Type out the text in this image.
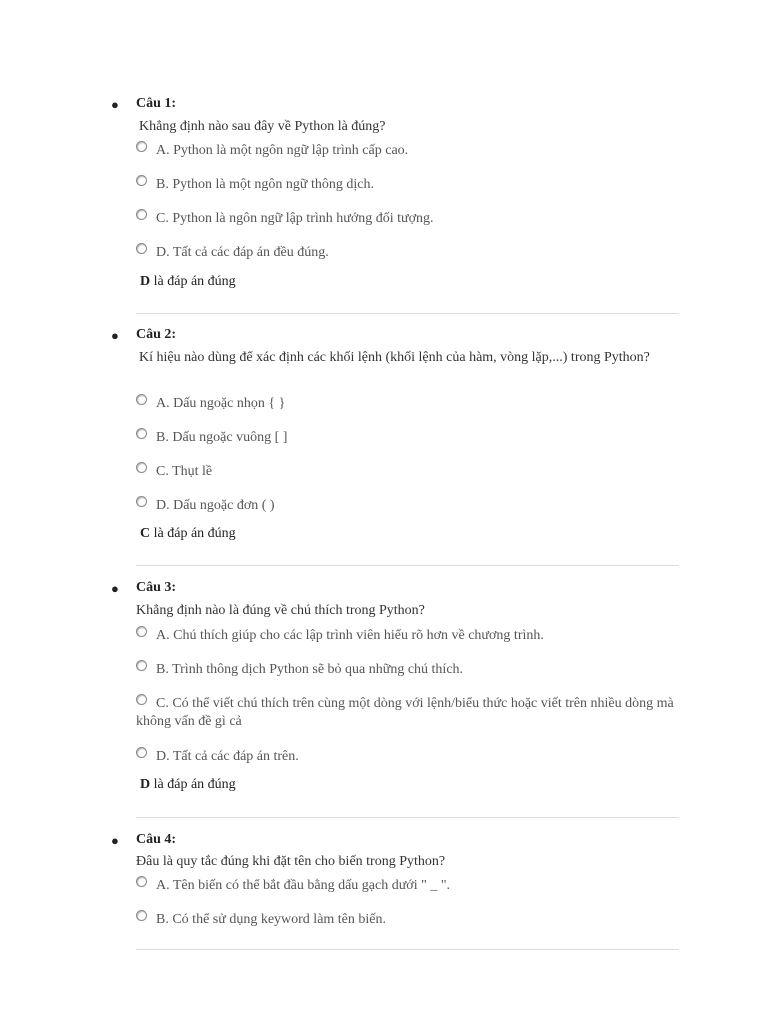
● Câu 1:
Khẳng định nào sau đây về Python là đúng?
A. Python là một ngôn ngữ lập trình cấp cao.
B. Python là một ngôn ngữ thông dịch.
C. Python là ngôn ngữ lập trình hướng đối tượng.
D. Tất cả các đáp án đều đúng.
D là đáp án đúng
● Câu 2:
Kí hiệu nào dùng để xác định các khối lệnh (khối lệnh của hàm, vòng lặp,...) trong Python?
A. Dấu ngoặc nhọn { }
B. Dấu ngoặc vuông [ ]
C. Thụt lề
D. Dấu ngoặc đơn ( )
C là đáp án đúng
● Câu 3:
Khẳng định nào là đúng về chú thích trong Python?
A. Chú thích giúp cho các lập trình viên hiểu rõ hơn về chương trình.
B. Trình thông dịch Python sẽ bỏ qua những chú thích.
C. Có thể viết chú thích trên cùng một dòng với lệnh/biểu thức hoặc viết trên nhiều dòng mà không vấn đề gì cả
D. Tất cả các đáp án trên.
D là đáp án đúng
● Câu 4:
Đâu là quy tắc đúng khi đặt tên cho biến trong Python?
A. Tên biến có thể bắt đầu bằng dấu gạch dưới " _ ".
B. Có thể sử dụng keyword làm tên biến.
